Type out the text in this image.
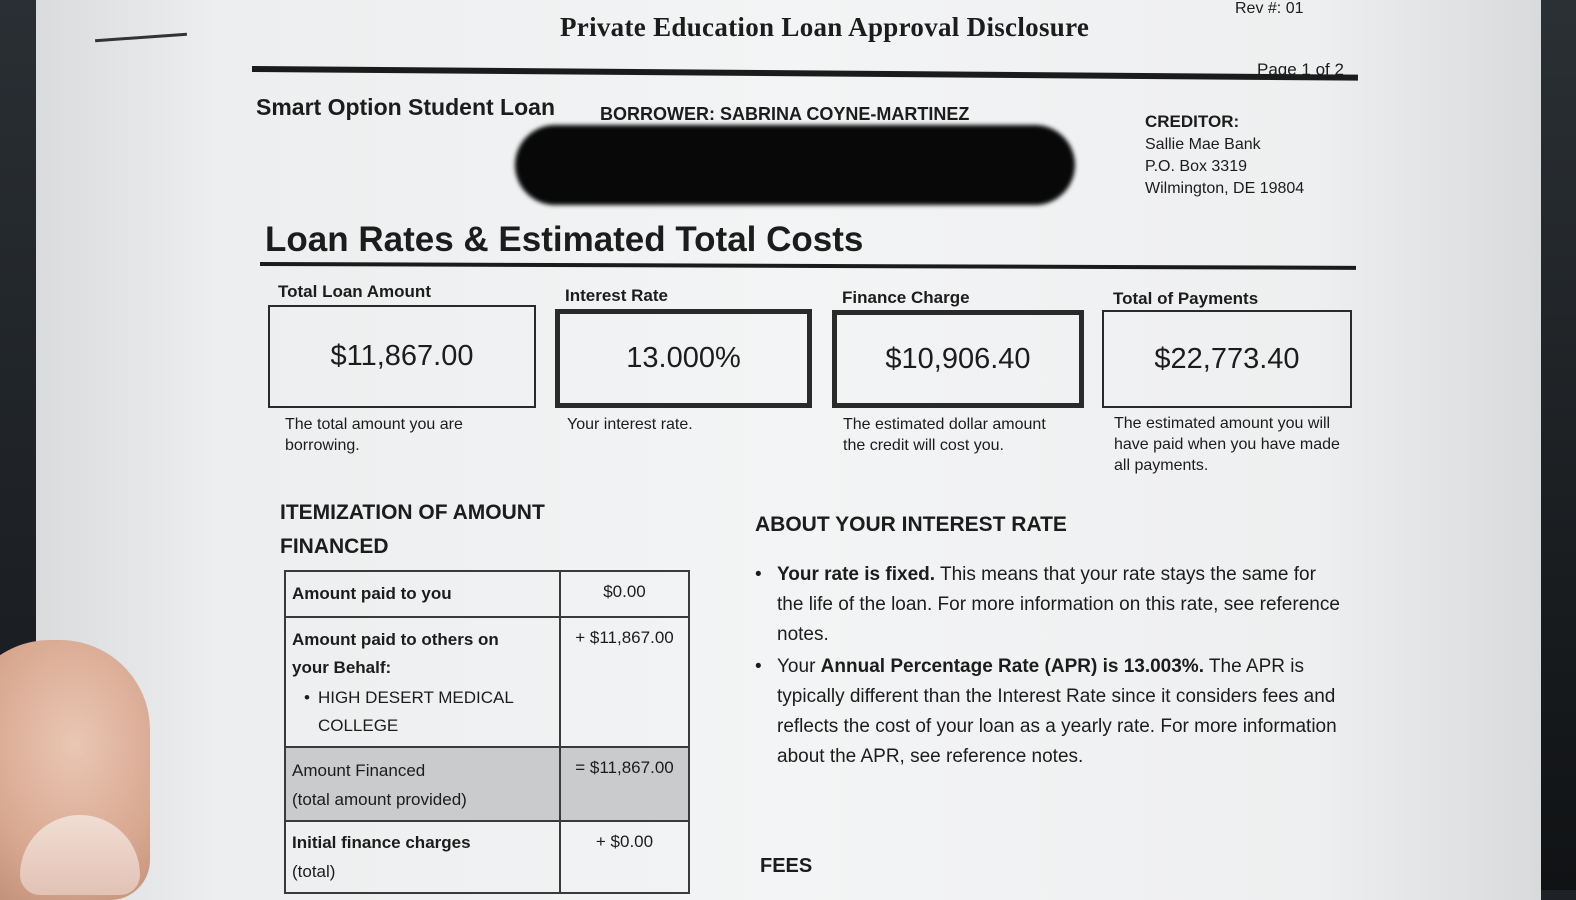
Private Education Loan Approval Disclosure
Rev #: 01
Page 1 of 2
Smart Option Student Loan	BORROWER: SABRINA COYNE-MARTINEZ	CREDITOR:
Sallie Mae Bank
P.O. Box 3319
Wilmington, DE 19804
Loan Rates & Estimated Total Costs
Total Loan Amount
$11,867.00
The total amount you are borrowing.
Interest Rate
13.000%
Your interest rate.
Finance Charge
$10,906.40
The estimated dollar amount the credit will cost you.
Total of Payments
$22,773.40
The estimated amount you will have paid when you have made all payments.
ITEMIZATION OF AMOUNT
FINANCED
Amount paid to you	$0.00

Amount paid to others on your Behalf:
• HIGH DESERT MEDICAL COLLEGE	+ $11,867.00

Amount Financed
(total amount provided)	= $11,867.00

Initial finance charges
(total)	+ $0.00
ABOUT YOUR INTEREST RATE
• Your rate is fixed. This means that your rate stays the same for the life of the loan. For more information on this rate, see reference notes.
• Your Annual Percentage Rate (APR) is 13.003%. The APR is typically different than the Interest Rate since it considers fees and reflects the cost of your loan as a yearly rate. For more information about the APR, see reference notes.
FEES
